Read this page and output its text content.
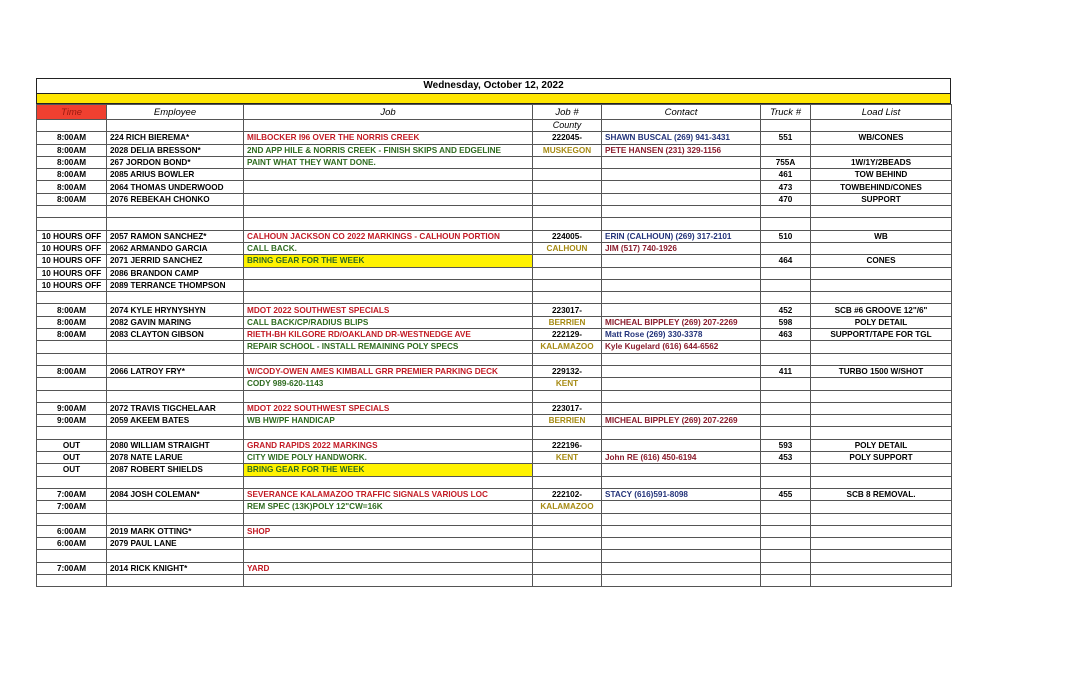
Wednesday, October 12, 2022
Time	Employee	Job	Job #	Contact	Truck #	Load List
			County			
8:00AM	224 RICH BIEREMA*	MILBOCKER I96 OVER THE NORRIS CREEK	222045-	SHAWN BUSCAL (269) 941-3431	551	WB/CONES
8:00AM	2028 DELIA BRESSON*	2ND APP HILE & NORRIS CREEK - FINISH SKIPS AND EDGELINE	MUSKEGON	PETE HANSEN (231) 329-1156		
8:00AM	267 JORDON BOND*	PAINT WHAT THEY WANT DONE.			755A	1W/1Y/2BEADS
8:00AM	2085 ARIUS BOWLER				461	TOW BEHIND
8:00AM	2064 THOMAS UNDERWOOD				473	TOWBEHIND/CONES
8:00AM	2076 REBEKAH CHONKO				470	SUPPORT

10 HOURS OFF	2057 RAMON SANCHEZ*	CALHOUN JACKSON CO 2022 MARKINGS - CALHOUN PORTION	224005-	ERIN (CALHOUN) (269) 317-2101	510	WB
10 HOURS OFF	2062 ARMANDO GARCIA	CALL BACK.	CALHOUN	JIM (517) 740-1926		
10 HOURS OFF	2071 JERRID SANCHEZ	BRING GEAR FOR THE WEEK			464	CONES
10 HOURS OFF	2086 BRANDON CAMP					
10 HOURS OFF	2089 TERRANCE THOMPSON					

8:00AM	2074 KYLE HRYNYSHYN	MDOT 2022 SOUTHWEST SPECIALS	223017-		452	SCB #6 GROOVE 12"/6"
8:00AM	2082 GAVIN MARING	CALL BACK/CP/RADIUS BLIPS	BERRIEN	MICHEAL BIPPLEY (269) 207-2269	598	POLY DETAIL
8:00AM	2083 CLAYTON GIBSON	RIETH-BH KILGORE RD/OAKLAND DR-WESTNEDGE AVE	222129-	Matt Rose (269) 330-3378	463	SUPPORT/TAPE FOR TGL
		REPAIR SCHOOL - INSTALL REMAINING POLY SPECS	KALAMAZOO	Kyle Kugelard (616) 644-6562		

8:00AM	2066 LATROY FRY*	W/CODY-OWEN AMES KIMBALL GRR PREMIER PARKING DECK	229132-		411	TURBO 1500 W/SHOT
		CODY 989-620-1143	KENT			

9:00AM	2072 TRAVIS TIGCHELAAR	MDOT 2022 SOUTHWEST SPECIALS	223017-			
9:00AM	2059 AKEEM BATES	WB HW/PF HANDICAP	BERRIEN	MICHEAL BIPPLEY (269) 207-2269		

OUT	2080 WILLIAM STRAIGHT	GRAND RAPIDS 2022 MARKINGS	222196-		593	POLY DETAIL
OUT	2078 NATE LARUE	CITY WIDE POLY HANDWORK.	KENT	John RE (616) 450-6194	453	POLY SUPPORT
OUT	2087 ROBERT SHIELDS	BRING GEAR FOR THE WEEK				

7:00AM	2084 JOSH COLEMAN*	SEVERANCE KALAMAZOO TRAFFIC SIGNALS VARIOUS LOC	222102-	STACY (616)591-8098	455	SCB 8 REMOVAL.
7:00AM		REM SPEC (13K)POLY 12"CW=16K	KALAMAZOO			

6:00AM	2019 MARK OTTING*	SHOP				
6:00AM	2079 PAUL LANE					

7:00AM	2014 RICK KNIGHT*	YARD				
